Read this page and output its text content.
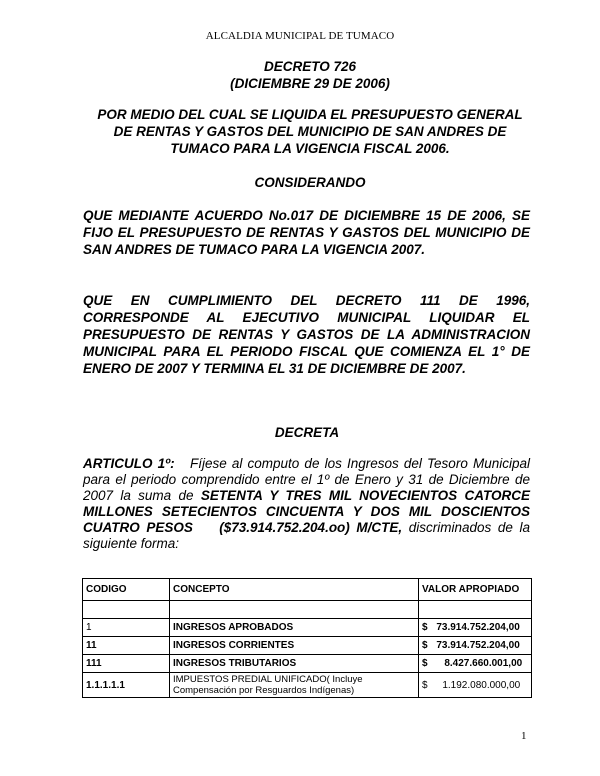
ALCALDIA MUNICIPAL DE TUMACO
DECRETO 726
(DICIEMBRE 29 DE 2006)
POR MEDIO DEL CUAL SE LIQUIDA EL PRESUPUESTO GENERAL DE RENTAS Y GASTOS DEL MUNICIPIO DE SAN ANDRES DE TUMACO PARA LA VIGENCIA FISCAL 2006.
CONSIDERANDO
QUE MEDIANTE ACUERDO No.017 DE DICIEMBRE 15 DE 2006, SE FIJO EL PRESUPUESTO DE RENTAS Y GASTOS DEL MUNICIPIO DE SAN ANDRES DE TUMACO PARA LA VIGENCIA 2007.
QUE EN CUMPLIMIENTO DEL DECRETO 111 DE 1996, CORRESPONDE AL EJECUTIVO MUNICIPAL LIQUIDAR EL PRESUPUESTO DE RENTAS Y GASTOS DE LA ADMINISTRACION MUNICIPAL PARA EL PERIODO FISCAL QUE COMIENZA EL 1° DE ENERO DE 2007 Y TERMINA EL 31 DE DICIEMBRE DE 2007.
DECRETA
ARTICULO 1º: Fíjese al computo de los Ingresos del Tesoro Municipal para el periodo comprendido entre el 1º de Enero y 31 de Diciembre de 2007 la suma de SETENTA Y TRES MIL NOVECIENTOS CATORCE MILLONES SETECIENTOS CINCUENTA Y DOS MIL DOSCIENTOS CUATRO PESOS ($73.914.752.204.oo) M/CTE, discriminados de la siguiente forma:
CODIGO	CONCEPTO	VALOR APROPIADO

1	INGRESOS APROBADOS	$ 73.914.752.204,00
11	INGRESOS CORRIENTES	$ 73.914.752.204,00
111	INGRESOS TRIBUTARIOS	$ 8.427.660.001,00
1.1.1.1.1	IMPUESTOS PREDIAL UNIFICADO( Incluye
Compensación por Resguardos Indígenas)	$ 1.192.080.000,00
1
